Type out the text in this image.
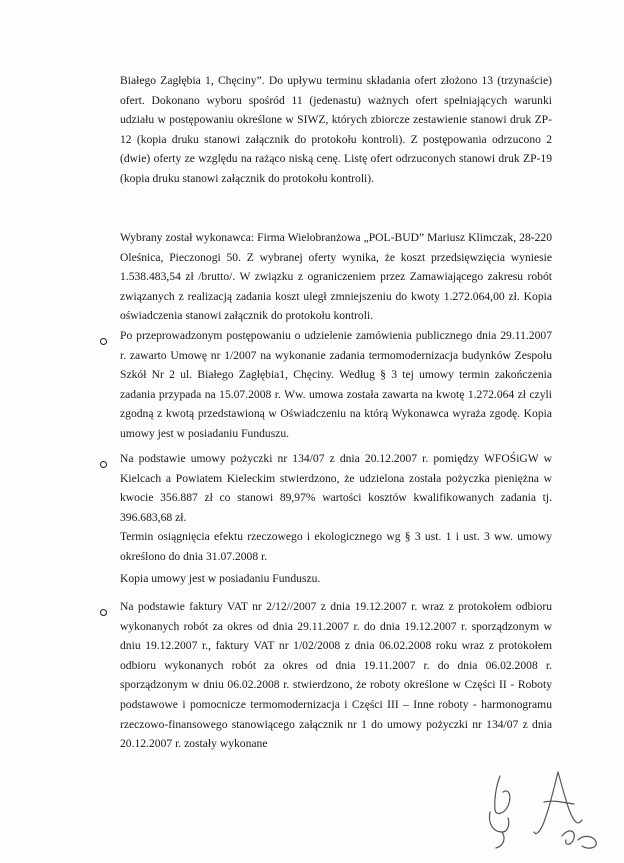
Białego Zagłębia 1, Chęciny”. Do upływu terminu składania ofert złożono 13 (trzynaście) ofert. Dokonano wyboru spośród 11 (jedenastu) ważnych ofert spełniających warunki udziału w postępowaniu określone w SIWZ, których zbiorcze zestawienie stanowi druk ZP-12 (kopia druku stanowi załącznik do protokołu kontroli). Z postępowania odrzucono 2 (dwie) oferty ze względu na rażąco niską cenę. Listę ofert odrzuconych stanowi druk ZP-19 (kopia druku stanowi załącznik do protokołu kontroli).

Wybrany został wykonawca: Firma Wielobranżowa „POL-BUD” Mariusz Klimczak, 28-220 Oleśnica, Pieczonogi 50. Z wybranej oferty wynika, że koszt przedsięwzięcia wyniesie 1.538.483,54 zł /brutto/. W związku z ograniczeniem przez Zamawiającego zakresu robót związanych z realizacją zadania koszt uległ zmniejszeniu do kwoty 1.272.064,00 zł. Kopia oświadczenia stanowi załącznik do protokołu kontroli.

Po przeprowadzonym postępowaniu o udzielenie zamówienia publicznego dnia 29.11.2007 r. zawarto Umowę nr 1/2007 na wykonanie zadania termomodernizacja budynków Zespołu Szkół Nr 2 ul. Białego Zagłębia1, Chęciny. Według § 3 tej umowy termin zakończenia zadania przypada na 15.07.2008 r. Ww. umowa została zawarta na kwotę 1.272.064 zł czyli zgodną z kwotą przedstawioną w Oświadczeniu na którą Wykonawca wyraża zgodę. Kopia umowy jest w posiadaniu Funduszu.

Na podstawie umowy pożyczki nr 134/07 z dnia 20.12.2007 r. pomiędzy WFOŚiGW w Kielcach a Powiatem Kieleckim stwierdzono, że udzielona została pożyczka pieniężna w kwocie 356.887 zł co stanowi 89,97% wartości kosztów kwalifikowanych zadania tj. 396.683,68 zł.

Termin osiągnięcia efektu rzeczowego i ekologicznego wg § 3 ust. 1 i ust. 3 ww. umowy określono do dnia 31.07.2008 r.

Kopia umowy jest w posiadaniu Funduszu.

Na podstawie faktury VAT nr 2/12//2007 z dnia 19.12.2007 r. wraz z protokołem odbioru wykonanych robót za okres od dnia 29.11.2007 r. do dnia 19.12.2007 r. sporządzonym w dniu 19.12.2007 r., faktury VAT nr 1/02/2008 z dnia 06.02.2008 roku wraz z protokołem odbioru wykonanych robót za okres od dnia 19.11.2007 r. do dnia 06.02.2008 r. sporządzonym w dniu 06.02.2008 r. stwierdzono, że roboty określone w Części II - Roboty podstawowe i pomocnicze termomodernizacja i Części III – Inne roboty - harmonogramu rzeczowo-finansowego stanowiącego załącznik nr 1 do umowy pożyczki nr 134/07 z dnia 20.12.2007 r. zostały wykonane
